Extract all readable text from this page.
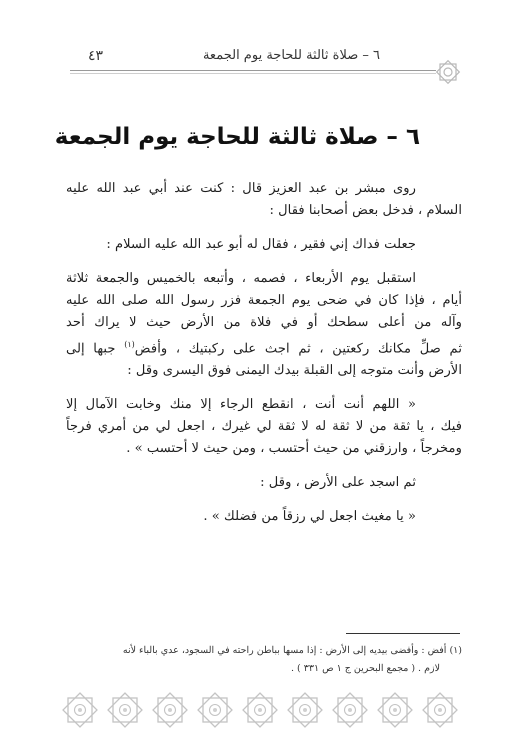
٤٣	٦ – صلاة ثالثة للحاجة يوم الجمعة
٦ – صلاة ثالثة للحاجة يوم الجمعة
روى مبشر بن عبد العزيز قال : كنت عند أبي عبد الله عليه
السلام ، فدخل بعض أصحابنا فقال :
جعلت فداك إني فقير ، فقال له أبو عبد الله عليه السلام :
استقبل يوم الأربعاء ، فصمه ، وأتبعه بالخميس والجمعة ثلاثة
أيام ، فإذا كان في ضحى يوم الجمعة فزر رسول الله صلى الله عليه
وآله من أعلى سطحك أو في فلاة من الأرض حيث لا يراك أحد
ثم صلِّ مكانك ركعتين ، ثم اجث على ركبتيك ، وأفض$^{(١)}$ جبها إلى
الأرض وأنت متوجه إلى القبلة بيدك اليمنى فوق اليسرى وقل :
« اللهم أنت أنت ، انقطع الرجاء إلا منك وخابت الآمال إلا
فيك ، يا ثقة من لا ثقة له لا ثقة لي غيرك ، اجعل لي من أمري فرجاً
ومخرجاً ، وارزقني من حيث أحتسب ، ومن حيث لا أحتسب » .
ثم اسجد على الأرض ، وقل :
« يا مغيث اجعل لي رزقاً من فضلك » .
(١) أفض : وأفضى بيديه إلى الأرض : إذا مسها بباطن راحته في السجود، عدي بالباء لأنه
لازم . ( مجمع البحرين ج ١ ص ٣٣١ ) .
